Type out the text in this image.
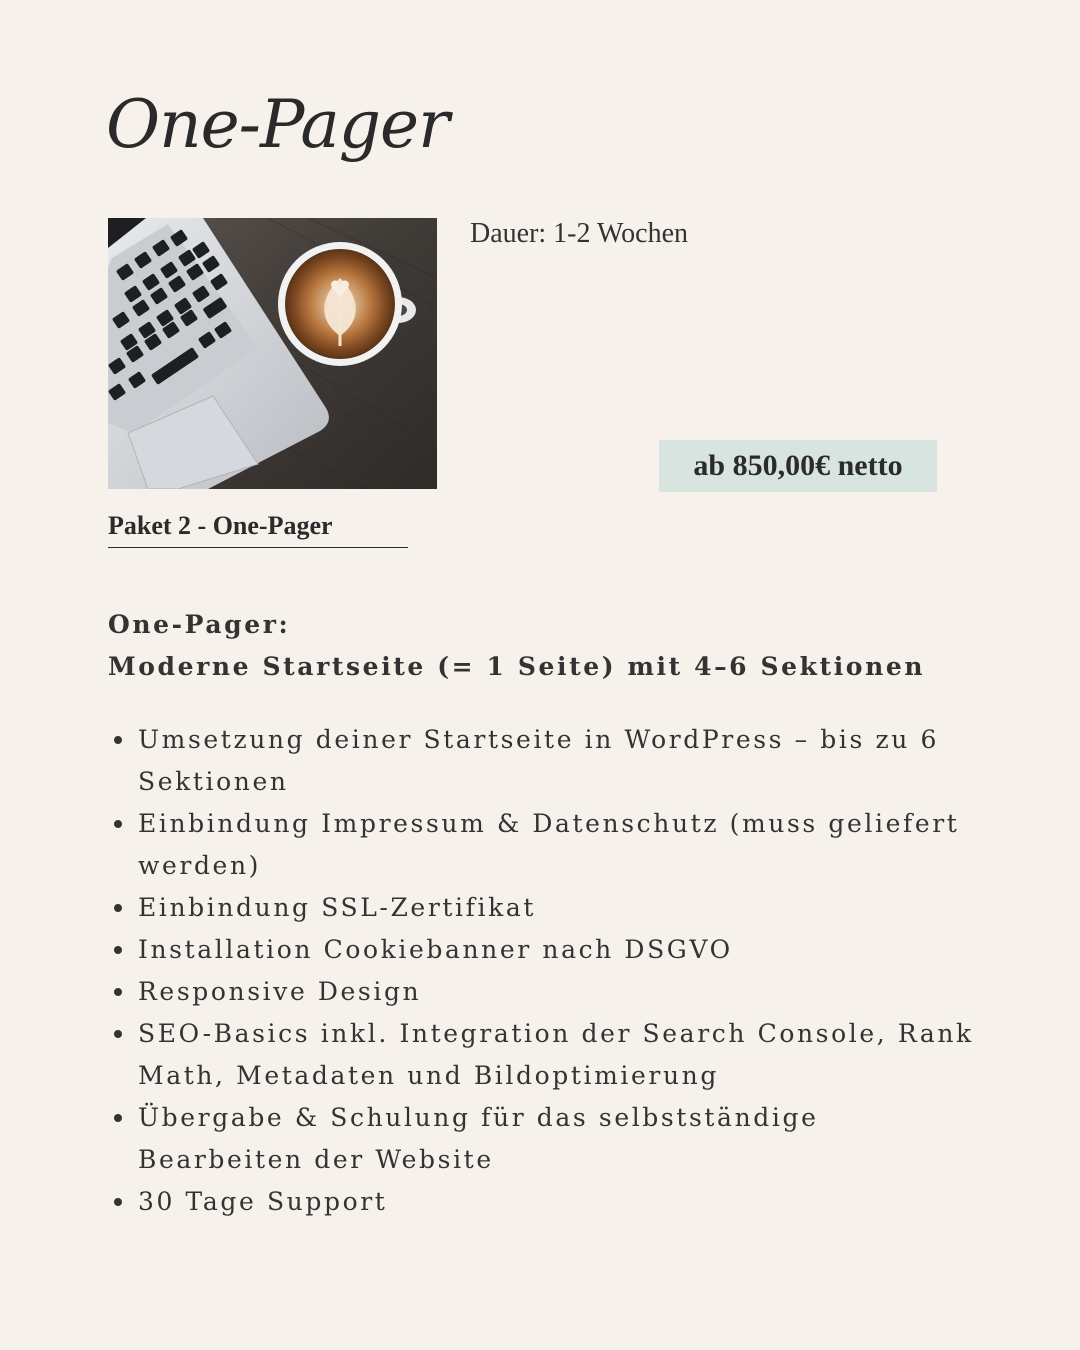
One-Pager
Dauer: 1-2 Wochen
ab 850,00€ netto
Paket 2 - One-Pager
One-Pager:
Moderne Startseite (= 1 Seite) mit 4–6 Sektionen
Umsetzung deiner Startseite in WordPress – bis zu 6 Sektionen
Einbindung Impressum & Datenschutz (muss geliefert werden)
Einbindung SSL-Zertifikat
Installation Cookiebanner nach DSGVO
Responsive Design
SEO-Basics inkl. Integration der Search Console, Rank Math, Metadaten und Bildoptimierung
Übergabe & Schulung für das selbstständige Bearbeiten der Website
30 Tage Support
